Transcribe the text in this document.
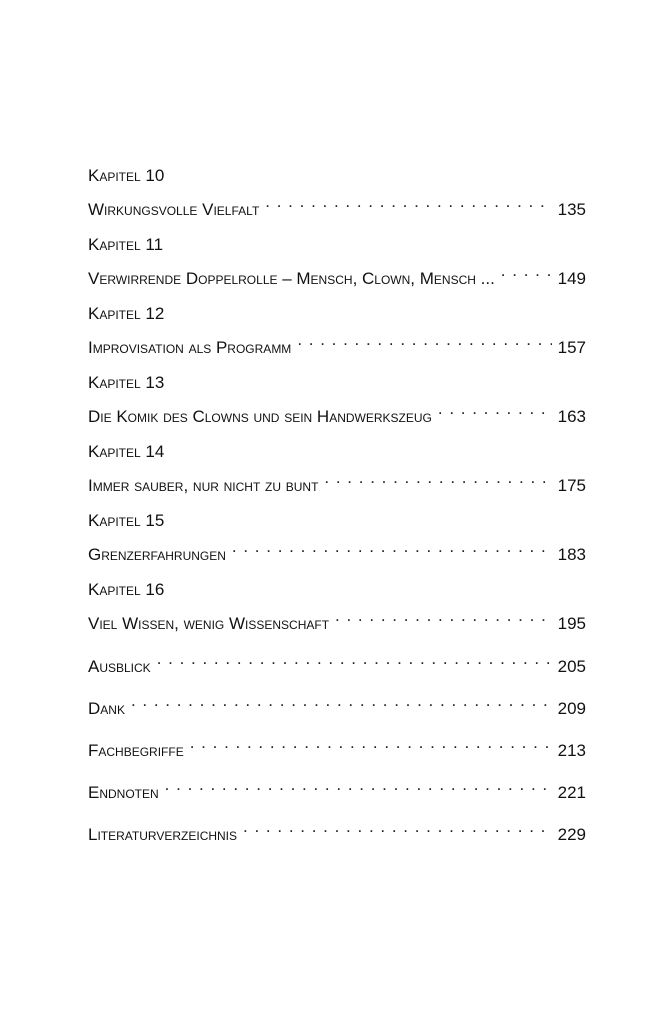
Kapitel 10
Wirkungsvolle Vielfalt . . .	135
Kapitel 11
Verwirrende Doppelrolle – Mensch, Clown, Mensch ... . . .	149
Kapitel 12
Improvisation als Programm . . .	157
Kapitel 13
Die Komik des Clowns und sein Handwerkszeug . . .	163
Kapitel 14
Immer sauber, nur nicht zu bunt . . .	175
Kapitel 15
Grenzerfahrungen . . .	183
Kapitel 16
Viel Wissen, wenig Wissenschaft . . .	195
Ausblick . . .	205
Dank . . .	209
Fachbegriffe . . .	213
Endnoten . . .	221
Literaturverzeichnis . . .	229
